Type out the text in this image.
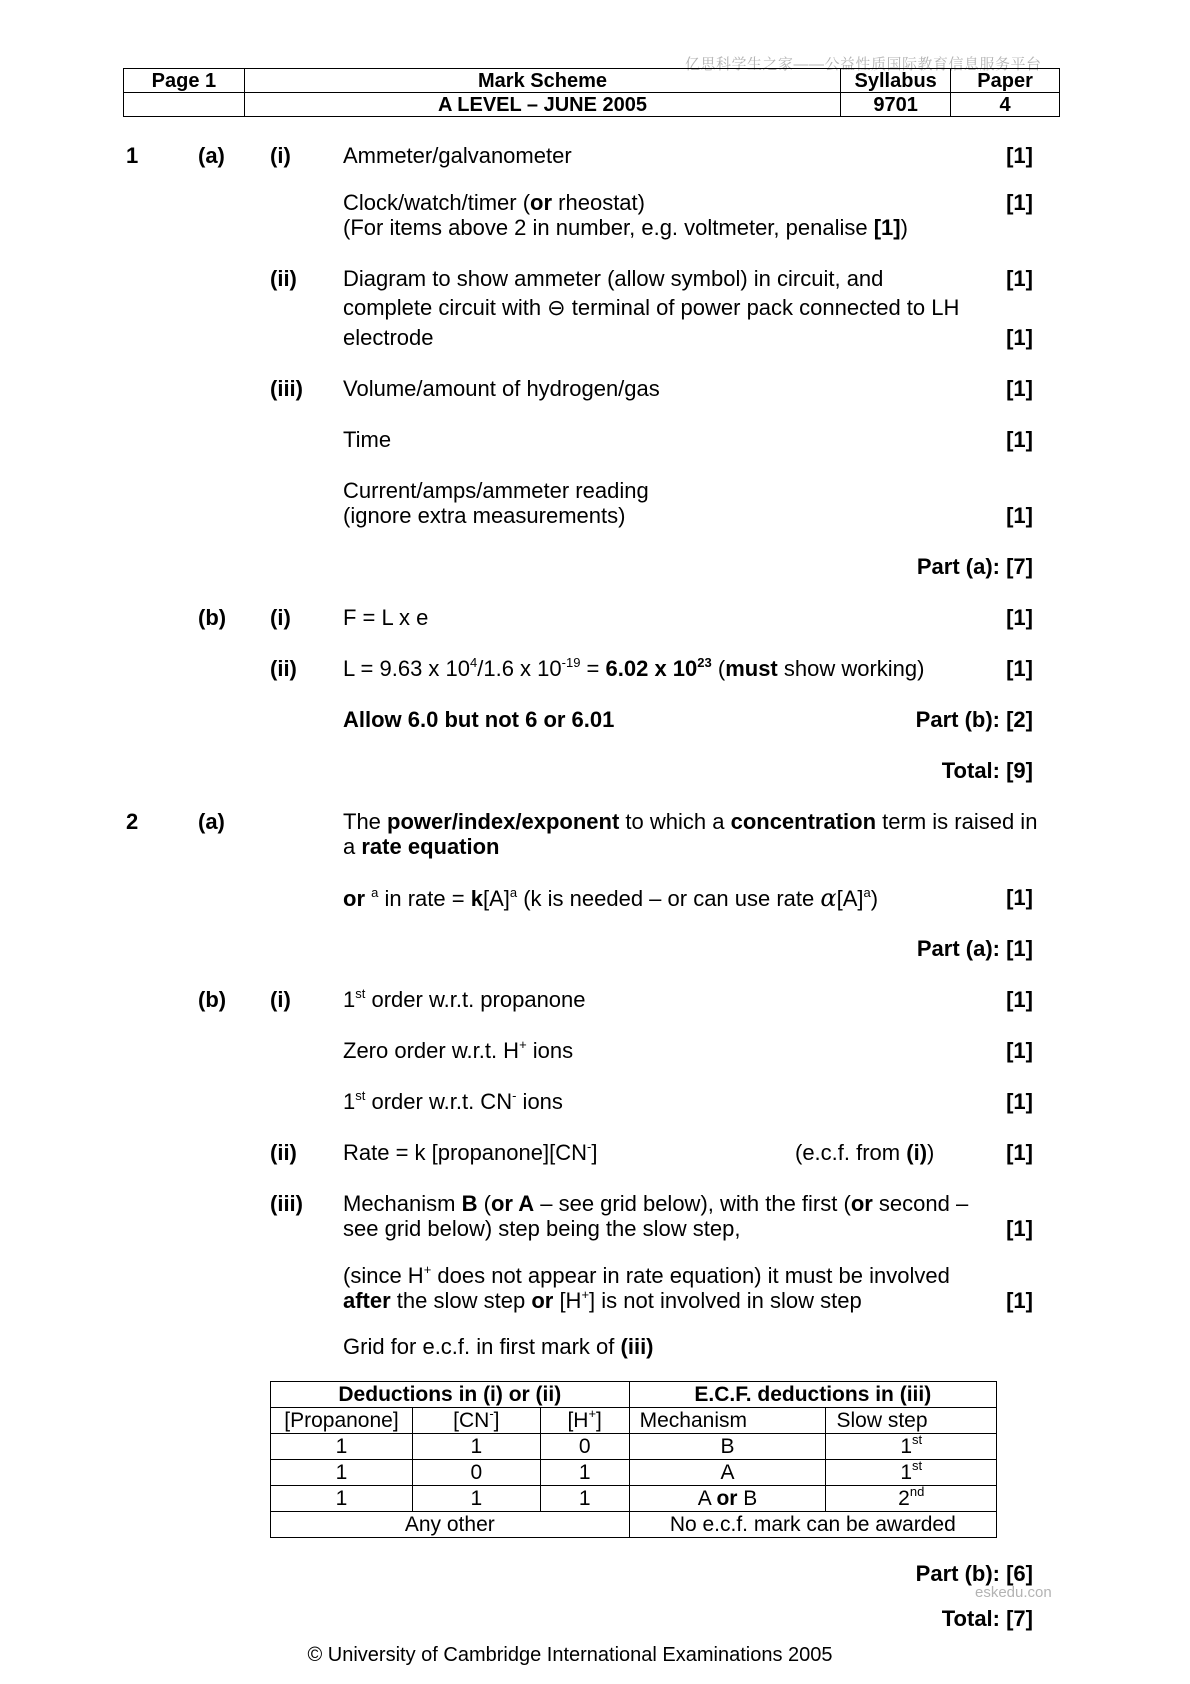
亿思科学生之家——公益性质国际教育信息服务平台
Page 1	Mark Scheme	Syllabus	Paper
	A LEVEL – JUNE 2005	9701	4
1	(a) (i) Ammeter/galvanometer	[1]
Clock/watch/timer (or rheostat)	[1]
(For items above 2 in number, e.g. voltmeter, penalise [1])
(ii) Diagram to show ammeter (allow symbol) in circuit, and	[1]
complete circuit with ⊖ terminal of power pack connected to LH
electrode	[1]
(iii) Volume/amount of hydrogen/gas	[1]
Time	[1]
Current/amps/ammeter reading
(ignore extra measurements)	[1]
Part (a): [7]
(b) (i) F = L x e	[1]
(ii) L = 9.63 x $10^4/1.6$ x $10^{-19} = 6.02$ x $10^{23}$ (must show working)	[1]
Allow 6.0 but not 6 or 6.01	Part (b): [2]
Total: [9]
2	(a)	The power/index/exponent to which a concentration term is raised in
a rate equation
or $^a$ in rate = $k[A]^a$ (k is needed – or can use rate $\alpha[A]^a$)	[1]
Part (a): [1]
(b) (i) 1st order w.r.t. propanone	[1]
Zero order w.r.t. H+ ions	[1]
1st order w.r.t. CN- ions	[1]
(ii) Rate = k [propanone][CN-]	(e.c.f. from (i))	[1]
(iii) Mechanism B (or A – see grid below), with the first (or second –
see grid below) step being the slow step,	[1]
(since H+ does not appear in rate equation) it must be involved
after the slow step or [H+] is not involved in slow step	[1]
Grid for e.c.f. in first mark of (iii)
Deductions in (i) or (ii)			E.C.F. deductions in (iii)	
[Propanone]	[CN-]	[H+]	Mechanism	Slow step
1	1	0	B	1st
1	0	1	A	1st
1	1	1	A or B	2nd
Any other			No e.c.f. mark can be awarded	
Part (b): [6]
eskedu.con
Total: [7]
© University of Cambridge International Examinations 2005
